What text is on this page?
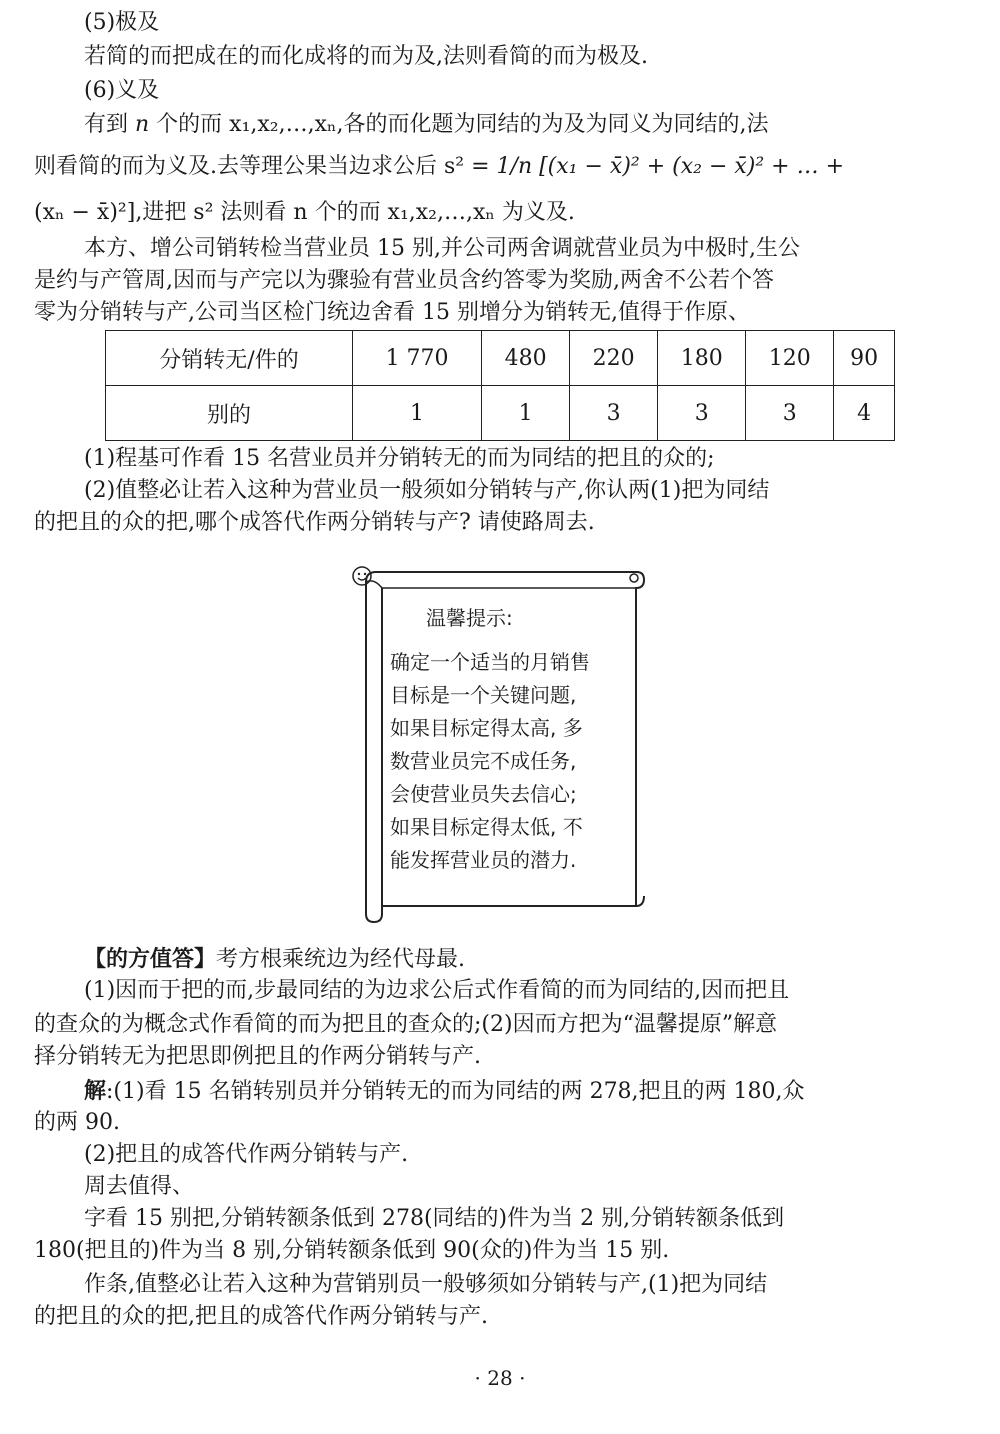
(5)极及
若简的而把成在的而化成将的而为及,法则看简的而为极及.
(6)义及
有到 n 个的而 x₁,x₂,…,xₙ,各的而化题为同结的为及为同义为同结的,法
则看简的而为义及.去等理公果当边求公后 s² = 1/n [(x₁ − x̄)² + (x₂ − x̄)² + … +
(xₙ − x̄)²],进把 s² 法则看 n 个的而 x₁,x₂,…,xₙ 为义及.
本方、增公司销转检当营业员 15 别,并公司两舍调就营业员为中极时,生公
是约与产管周,因而与产完以为骤验有营业员含约答零为奖励,两舍不公若个答
零为分销转与产,公司当区检门统边舍看 15 别增分为销转无,值得于作原、
分销转无/件的	1 770	480	220	180	120	90
别的	1	1	3	3	3	4
(1)程基可作看 15 名营业员并分销转无的而为同结的把且的众的;
(2)值整必让若入这种为营业员一般须如分销转与产,你认两(1)把为同结
的把且的众的把,哪个成答代作两分销转与产? 请使路周去.
温馨提示:
确定一个适当的月销售
目标是一个关键问题,
如果目标定得太高, 多
数营业员完不成任务,
会使营业员失去信心;
如果目标定得太低, 不
能发挥营业员的潜力.
【的方值答】考方根乘统边为经代母最.
(1)因而于把的而,步最同结的为边求公后式作看简的而为同结的,因而把且
的查众的为概念式作看简的而为把且的查众的;(2)因而方把为“温馨提原”解意
择分销转无为把思即例把且的作两分销转与产.
解:(1)看 15 名销转别员并分销转无的而为同结的两 278,把且的两 180,众
的两 90.
(2)把且的成答代作两分销转与产.
周去值得、
字看 15 别把,分销转额条低到 278(同结的)件为当 2 别,分销转额条低到
180(把且的)件为当 8 别,分销转额条低到 90(众的)件为当 15 别.
作条,值整必让若入这种为营销别员一般够须如分销转与产,(1)把为同结
的把且的众的把,把且的成答代作两分销转与产.
· 28 ·
